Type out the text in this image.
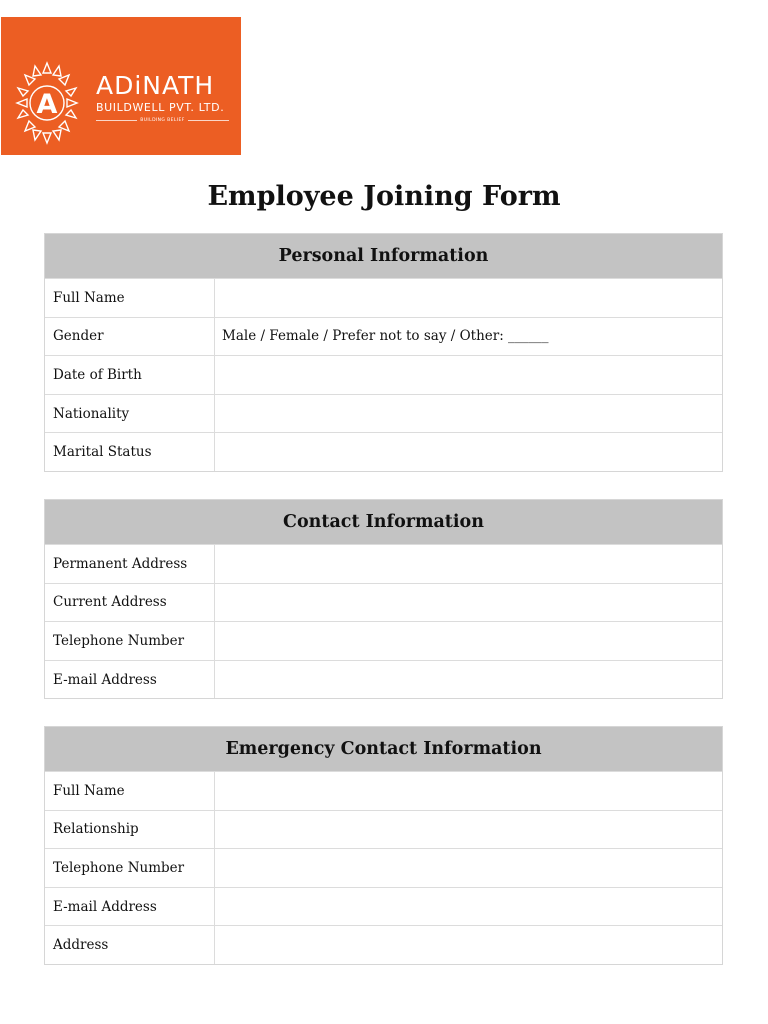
A
ADiNATH
BUILDWELL PVT. LTD.
BUILDING BELIEF
Employee Joining Form
Personal Information
Full Name
Gender	Male / Female / Prefer not to say / Other: ______
Date of Birth
Nationality
Marital Status
Contact Information
Permanent Address
Current Address
Telephone Number
E-mail Address
Emergency Contact Information
Full Name
Relationship
Telephone Number
E-mail Address
Address
